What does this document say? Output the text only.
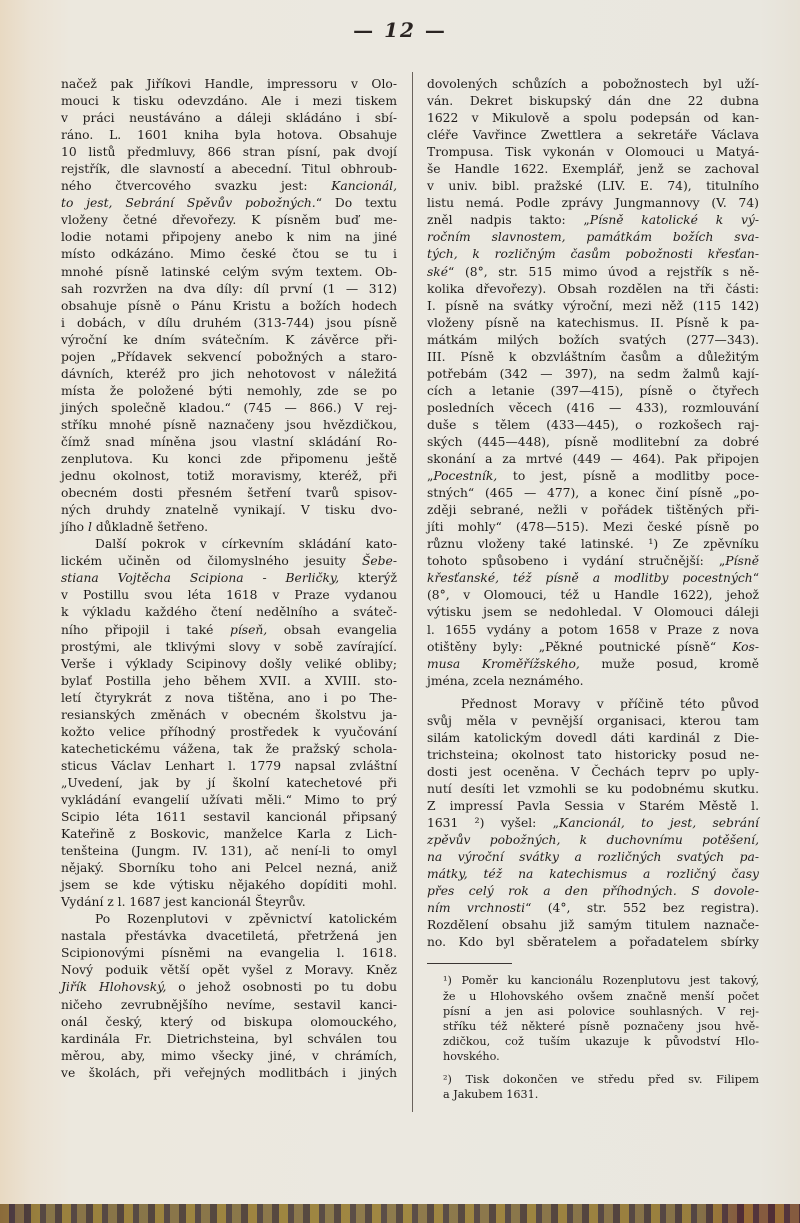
— 12 —
načež pak Jiříkovi Handle, impressoru v Olo-
mouci k tisku odevzdáno. Ale i mezi tiskem
v práci neustáváno a dáleji skládáno i sbí-
ráno. L. 1601 kniha byla hotova. Obsahuje
10 listů předmluvy, 866 stran písní, pak dvojí
rejstřík, dle slavností a abecední. Titul obhroub-
ného čtvercového svazku jest: Kancionál,
to jest, Sebrání Spěvův pobožných.“ Do textu
vloženy četné dřevořezy. K písněm buď me-
lodie notami připojeny anebo k nim na jiné
místo odkázáno. Mimo české čtou se tu i
mnohé písně latinské celým svým textem. Ob-
sah rozvržen na dva díly: díl první (1 — 312)
obsahuje písně o Pánu Kristu a božích hodech
i dobách, v dílu druhém (313-744) jsou písně
výroční ke dním svátečním. K závěrce při-
pojen „Přídavek sekvencí pobožných a staro-
dávních, kteréž pro jich nehotovost v náležitá
místa že položené býti nemohly, zde se po
jiných společně kladou.“ (745 — 866.) V rej-
stříku mnohé písně naznačeny jsou hvězdičkou,
čímž snad míněna jsou vlastní skládání Ro-
zenplutova. Ku konci zde připomenu ještě
jednu okolnost, totiž moravismy, kteréž, při
obecném dosti přesném šetření tvarů spisov-
ných druhdy znatelně vynikají. V tisku dvo-
jího l důkladně šetřeno.
Další pokrok v církevním skládání kato-
lickém učiněn od čilomyslného jesuity Šebe-
stiana Vojtěcha Scipiona - Berličky, kterýž
v Postillu svou léta 1618 v Praze vydanou
k výkladu každého čtení nedělního a sváteč-
ního připojil i také píseň, obsah evangelia
prostými, ale tklivými slovy v sobě zavírající.
Verše i výklady Scipinovy došly veliké obliby;
bylať Postilla jeho během XVII. a XVIII. sto-
letí čtyrykrát z nova tištěna, ano i po The-
resianských změnách v obecném školstvu ja-
kožto velice příhodný prostředek k vyučování
katechetickému vážena, tak že pražský schola-
sticus Václav Lenhart l. 1779 napsal zvláštní
„Uvedení, jak by jí školní katechetové při
vykládání evangelií užívati měli.“ Mimo to prý
Scipio léta 1611 sestavil kancionál připsaný
Kateřině z Boskovic, manželce Karla z Lich-
tenšteina (Jungm. IV. 131), ač není-li to omyl
nějaký. Sborníku toho ani Pelcel nezná, aniž
jsem se kde výtisku nějakého dopíditi mohl.
Vydání z l. 1687 jest kancionál Šteyrův.
Po Rozenplutovi v zpěvnictví katolickém
nastala přestávka dvacetiletá, přetržená jen
Scipionovými písněmi na evangelia l. 1618.
Nový poduik větší opět vyšel z Moravy. Kněz
Jiřík Hlohovský, o jehož osobnosti po tu dobu
ničeho zevrubnějšího nevíme, sestavil kanci-
onál český, který od biskupa olomouckého,
kardinála Fr. Dietrichsteina, byl schválen tou
měrou, aby, mimo všecky jiné, v chrámích,
ve školách, při veřejných modlitbách i jiných
dovolených schůzích a pobožnostech byl uží-
ván. Dekret biskupský dán dne 22 dubna
1622 v Mikulově a spolu podepsán od kan-
cléře Vavřince Zwettlera a sekretáře Václava
Trompusa. Tisk vykonán v Olomouci u Matyá-
še Handle 1622. Exemplář, jenž se zachoval
v univ. bibl. pražské (LIV. E. 74), titulního
listu nemá. Podle zprávy Jungmannovy (V. 74)
zněl nadpis takto: „Písně katolické k vý-
ročním slavnostem, památkám božích sva-
tých, k rozličným časům pobožnosti křesťan-
ské“ (8°, str. 515 mimo úvod a rejstřík s ně-
kolika dřevořezy). Obsah rozdělen na tři části:
I. písně na svátky výroční, mezi něž (115 142)
vloženy písně na katechismus. II. Písně k pa-
mátkám milých božích svatých (277—343).
III. Písně k obzvláštním časům a důležitým
potřebám (342 — 397), na sedm žalmů kají-
cích a letanie (397—415), písně o čtyřech
posledních věcech (416 — 433), rozmlouvání
duše s tělem (433—445), o rozkošech raj-
ských (445—448), písně modlitební za dobré
skonání a za mrtvé (449 — 464). Pak připojen
„Pocestník, to jest, písně a modlitby poce-
stných“ (465 — 477), a konec činí písně „po-
zději sebrané, nežli v pořádek tištěných při-
jíti mohly“ (478—515). Mezi české písně po
různu vloženy také latinské. ¹) Ze zpěvníku
tohoto spůsobeno i vydání stručnější: „Písně
křesťanské, též písně a modlitby pocestných“
(8°, v Olomouci, též u Handle 1622), jehož
výtisku jsem se nedohledal. V Olomouci dáleji
l. 1655 vydány a potom 1658 v Praze z nova
otištěny byly: „Pěkné poutnické písně“ Kos-
musa Kroměřížského, muže posud, kromě
jména, zcela neznámého.
Přednost Moravy v příčině této původ
svůj měla v pevnější organisaci, kterou tam
silám katolickým dovedl dáti kardinál z Die-
trichsteina; okolnost tato historicky posud ne-
dosti jest oceněna. V Čechách teprv po uply-
nutí desíti let vzmohli se ku podobnému skutku.
Z impressí Pavla Sessia v Starém Městě l.
1631 ²) vyšel: „Kancionál, to jest, sebrání
zpěvův pobožných, k duchovnímu potěšení,
na výroční svátky a rozličných svatých pa-
mátky, též na katechismus a rozličný časy
přes celý rok a den příhodných. S dovole-
ním vrchnosti“ (4°, str. 552 bez registra).
Rozdělení obsahu již samým titulem naznače-
no. Kdo byl sběratelem a pořadatelem sbírky
¹) Poměr ku kancionálu Rozenplutovu jest takový,
že u Hlohovského ovšem značně menší počet
písní a jen asi polovice souhlasných. V rej-
stříku též některé písně poznačeny jsou hvě-
zdičkou, což tuším ukazuje k původství Hlo-
hovského.
²) Tisk dokončen ve středu před sv. Filipem
a Jakubem 1631.
